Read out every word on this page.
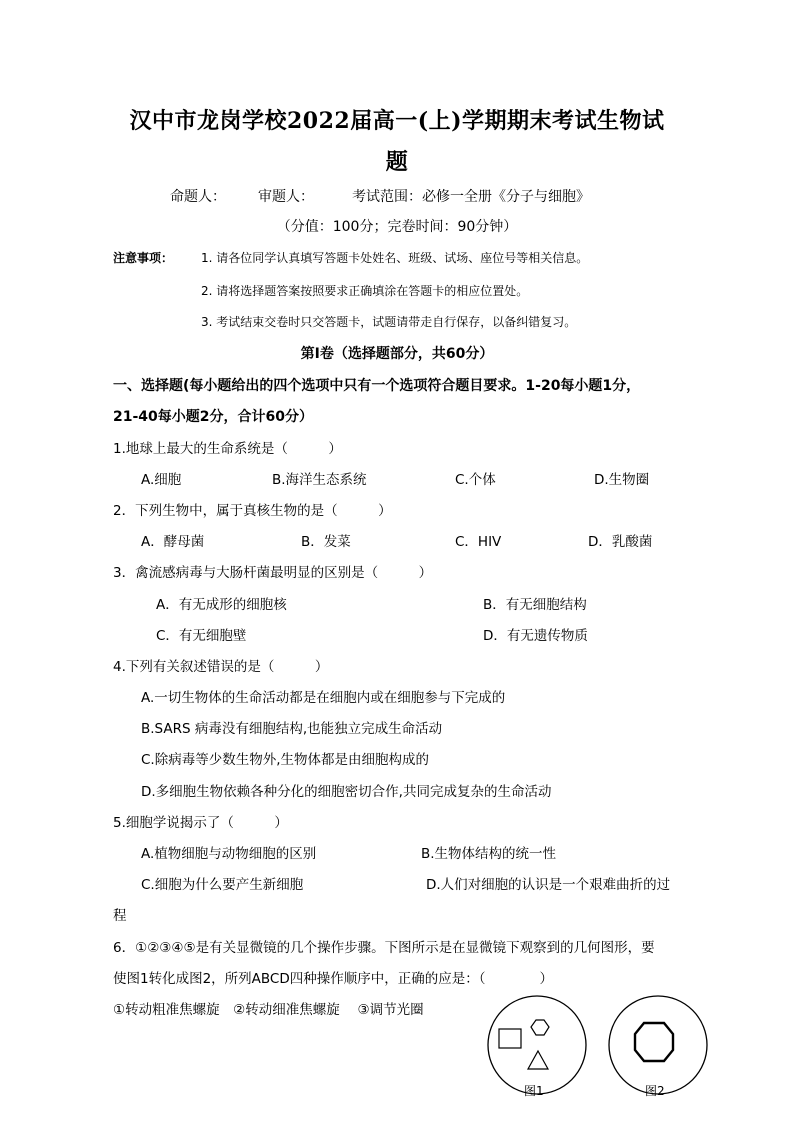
汉中市龙岗学校2022届高一(上)学期期末考试生物试
题
命题人： 审题人：	考试范围：必修一全册《分子与细胞》
（分值：100分；完卷时间：90分钟）
注意事项： 1. 请各位同学认真填写答题卡处姓名、班级、试场、座位号等相关信息。
2. 请将选择题答案按照要求正确填涂在答题卡的相应位置处。
3. 考试结束交卷时只交答题卡，试题请带走自行保存，以备纠错复习。
第Ⅰ卷（选择题部分，共60分）
一、选择题(每小题给出的四个选项中只有一个选项符合题目要求。1-20每小题1分，
21-40每小题2分，合计60分）
1.地球上最大的生命系统是（　　　）
A.细胞	B.海洋生态系统	C.个体	D.生物圈
2．下列生物中，属于真核生物的是（　　　）
A．酵母菌	B．发菜	C．HIV	D．乳酸菌
3．禽流感病毒与大肠杆菌最明显的区别是（　　　）
A．有无成形的细胞核	B．有无细胞结构
C．有无细胞壁	D．有无遗传物质
4.下列有关叙述错误的是（　　　）
A.一切生物体的生命活动都是在细胞内或在细胞参与下完成的
B.SARS 病毒没有细胞结构,也能独立完成生命活动
C.除病毒等少数生物外,生物体都是由细胞构成的
D.多细胞生物依赖各种分化的细胞密切合作,共同完成复杂的生命活动
5.细胞学说揭示了（　　　）
A.植物细胞与动物细胞的区别	B.生物体结构的统一性
C.细胞为什么要产生新细胞	D.人们对细胞的认识是一个艰难曲折的过
程
6．①②③④⑤是有关显微镜的几个操作步骤。下图所示是在显微镜下观察到的几何图形，要
使图1转化成图2，所列ABCD四种操作顺序中，正确的应是：（　　　　）
①转动粗准焦螺旋　②转动细准焦螺旋　 ③调节光圈
图1	图2
